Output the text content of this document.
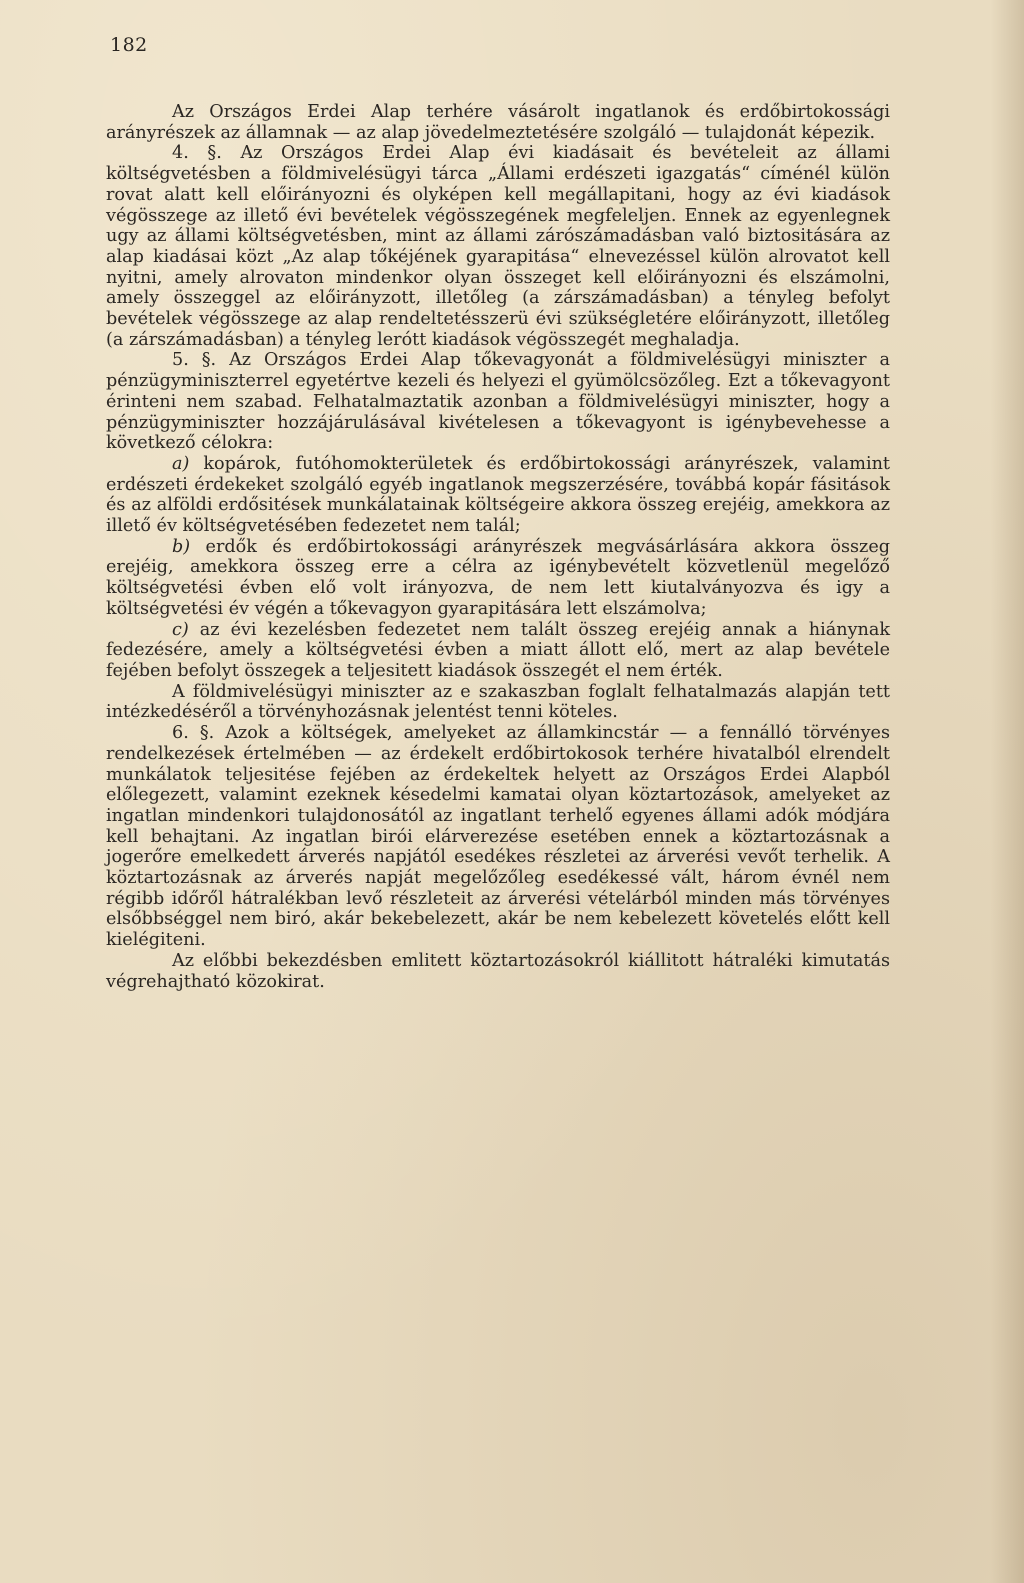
182

Az Országos Erdei Alap terhére vásárolt ingatlanok és erdőbirtokossági arányrészek az államnak — az alap jövedelmeztetésére szolgáló — tulajdonát képezik.

4. §. Az Országos Erdei Alap évi kiadásait és bevételeit az állami költségvetésben a földmivelésügyi tárca „Állami erdészeti igazgatás“ címénél külön rovat alatt kell előirányozni és olyképen kell megállapitani, hogy az évi kiadások végösszege az illető évi bevételek végösszegének megfeleljen. Ennek az egyenlegnek ugy az állami költségvetésben, mint az állami zárószámadásban való biztositására az alap kiadásai közt „Az alap tőkéjének gyarapitása“ elnevezéssel külön alrovatot kell nyitni, amely alrovaton mindenkor olyan összeget kell előirányozni és elszámolni, amely összeggel az előirányzott, illetőleg (a zárszámadásban) a tényleg befolyt bevételek végösszege az alap rendeltetésszerü évi szükségletére előirányzott, illetőleg (a zárszámadásban) a tényleg lerótt kiadások végösszegét meghaladja.

5. §. Az Országos Erdei Alap tőkevagyonát a földmivelésügyi miniszter a pénzügyminiszterrel egyetértve kezeli és helyezi el gyümölcsözőleg. Ezt a tőkevagyont érinteni nem szabad. Felhatalmaztatik azonban a földmivelésügyi miniszter, hogy a pénzügyminiszter hozzájárulásával kivételesen a tőkevagyont is igénybevehesse a következő célokra:

a) kopárok, futóhomokterületek és erdőbirtokossági arányrészek, valamint erdészeti érdekeket szolgáló egyéb ingatlanok megszerzésére, továbbá kopár fásitások és az alföldi erdősitések munkálatainak költségeire akkora összeg erejéig, amekkora az illető év költségvetésében fedezetet nem talál;

b) erdők és erdőbirtokossági arányrészek megvásárlására akkora összeg erejéig, amekkora összeg erre a célra az igénybevételt közvetlenül megelőző költségvetési évben elő volt irányozva, de nem lett kiutalványozva és igy a költségvetési év végén a tőkevagyon gyarapitására lett elszámolva;

c) az évi kezelésben fedezetet nem talált összeg erejéig annak a hiánynak fedezésére, amely a költségvetési évben a miatt állott elő, mert az alap bevétele fejében befolyt összegek a teljesitett kiadások összegét el nem érték.

A földmivelésügyi miniszter az e szakaszban foglalt felhatalmazás alapján tett intézkedéséről a törvényhozásnak jelentést tenni köteles.

6. §. Azok a költségek, amelyeket az államkincstár — a fennálló törvényes rendelkezések értelmében — az érdekelt erdőbirtokosok terhére hivatalból elrendelt munkálatok teljesitése fejében az érdekeltek helyett az Országos Erdei Alapból előlegezett, valamint ezeknek késedelmi kamatai olyan köztartozások, amelyeket az ingatlan mindenkori tulajdonosától az ingatlant terhelő egyenes állami adók módjára kell behajtani. Az ingatlan birói elárverezése esetében ennek a köztartozásnak a jogerőre emelkedett árverés napjától esedékes részletei az árverési vevőt terhelik. A köztartozásnak az árverés napját megelőzőleg esedékessé vált, három évnél nem régibb időről hátralékban levő részleteit az árverési vételárból minden más törvényes elsőbbséggel nem biró, akár bekebelezett, akár be nem kebelezett követelés előtt kell kielégiteni.

Az előbbi bekezdésben emlitett köztartozásokról kiállitott hátraléki kimutatás végrehajtható közokirat.
